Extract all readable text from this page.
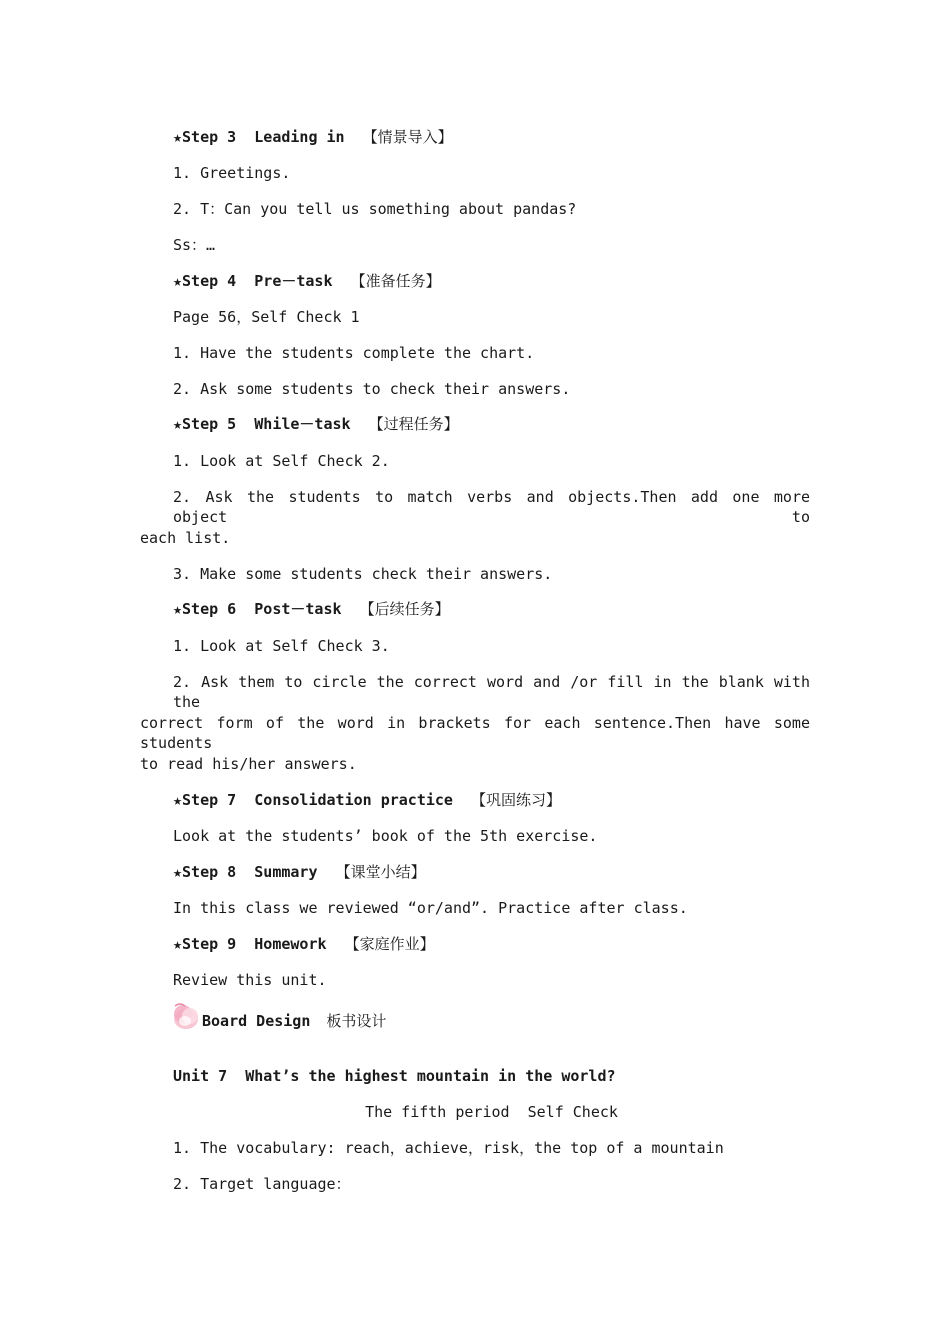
★Step 3  Leading in  【情景导入】
1. Greetings.
2. T：Can you tell us something about pandas?
Ss：…
★Step 4  Pre－task  【准备任务】
Page 56，Self Check 1
1. Have the students complete the chart.
2. Ask some students to check their answers.
★Step 5  While－task  【过程任务】
1. Look at Self Check 2.
2. Ask the students to match verbs and objects.Then add one more object to
each list.
3. Make some students check their answers.
★Step 6  Post－task  【后续任务】
1. Look at Self Check 3.
2. Ask them to circle the correct word and /or fill in the blank with the
correct form of the word in brackets for each sentence.Then have some students
to read his/her answers.
★Step 7  Consolidation practice  【巩固练习】
Look at the students’ book of the 5th exercise.
★Step 8  Summary  【课堂小结】
In this class we reviewed “or/and”. Practice after class.
★Step 9  Homework  【家庭作业】
Review this unit.
Board Design 板书设计
Unit 7  What’s the highest mountain in the world?
The fifth period  Self Check
1. The vocabulary: reach，achieve，risk，the top of a mountain
2. Target language：
